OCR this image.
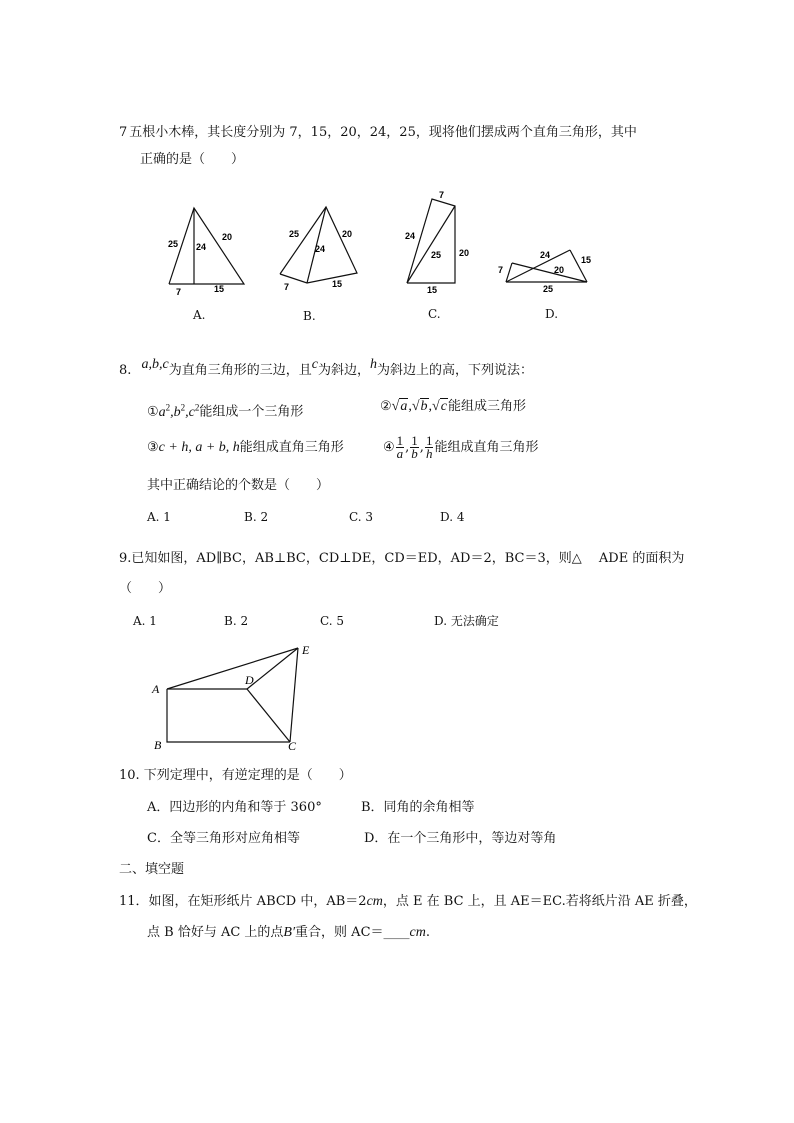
7 五根小木棒，其长度分别为 7，15，20，24，25，现将他们摆成两个直角三角形，其中
正确的是（　　）
25 24
20
7	15
A.
25
24
20
7	15
B.
7
24
25 20
15
C.
24	15
7	20
25
D.
8. a,b,c为直角三角形的三边，且c为斜边，h为斜边上的高，下列说法：
$①a^2,b^2,c^2$能组成一个三角形	②√a,√b,√c能组成三角形
③c + h, a + b, h能组成直角三角形	④ $\frac{1}{a}$ , $\frac{1}{b}$ , $\frac{1}{h}$ 能组成直角三角形
其中正确结论的个数是（　　）
A. 1	B. 2	C. 3	D. 4
9.已知如图，AD∥BC，AB⊥BC，CD⊥DE，CD＝ED，AD＝2，BC＝3，则△　 ADE 的面积为
（　　）
A. 1	B. 2	C. 5	D. 无法确定
A
B	C
D
E
10. 下列定理中，有逆定理的是（　　）
A．四边形的内角和等于 360°	B．同角的余角相等
C．全等三角形对应角相等	D．在一个三角形中，等边对等角
二、填空题
11．如图，在矩形纸片 ABCD 中，AB＝2cm，点 E 在 BC 上，且 AE＝EC.若将纸片沿 AE 折叠，
点 B 恰好与 AC 上的点B′重合，则 AC＝____cm.
